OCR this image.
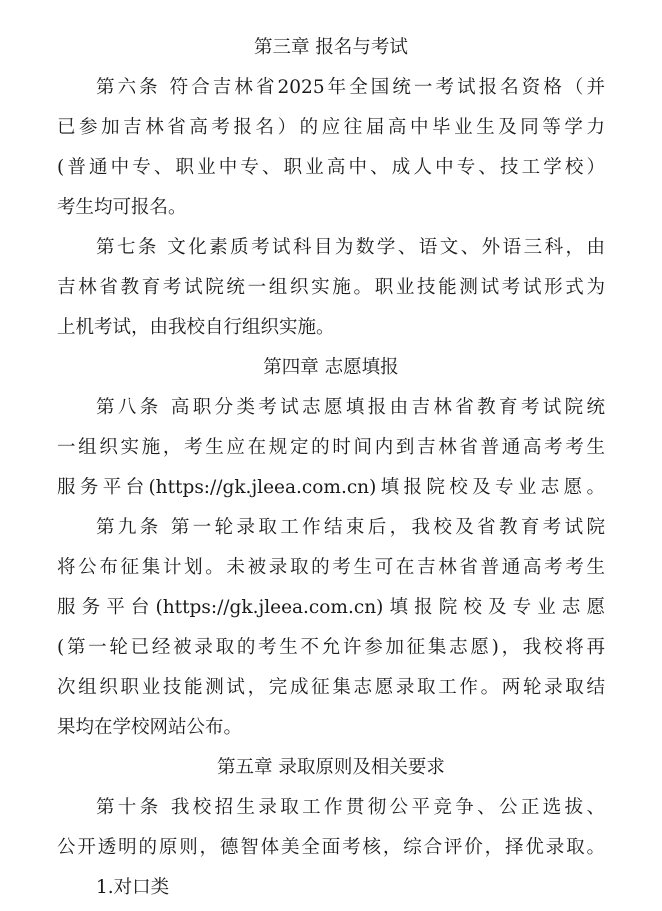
第三章 报名与考试
第六条 符合吉林省2025年全国统一考试报名资格（并
已参加吉林省高考报名）的应往届高中毕业生及同等学力
(普通中专、职业中专、职业高中、成人中专、技工学校）
考生均可报名。
第七条 文化素质考试科目为数学、语文、外语三科，由
吉林省教育考试院统一组织实施。职业技能测试考试形式为
上机考试，由我校自行组织实施。
第四章 志愿填报
第八条 高职分类考试志愿填报由吉林省教育考试院统
一组织实施，考生应在规定的时间内到吉林省普通高考考生
服务平台(https://gk.jleea.com.cn)填报院校及专业志愿。
第九条 第一轮录取工作结束后，我校及省教育考试院
将公布征集计划。未被录取的考生可在吉林省普通高考考生
服务平台(https://gk.jleea.com.cn)填报院校及专业志愿
(第一轮已经被录取的考生不允许参加征集志愿)，我校将再
次组织职业技能测试，完成征集志愿录取工作。两轮录取结
果均在学校网站公布。
第五章 录取原则及相关要求
第十条 我校招生录取工作贯彻公平竞争、公正选拔、
公开透明的原则，德智体美全面考核，综合评价，择优录取。
1.对口类
